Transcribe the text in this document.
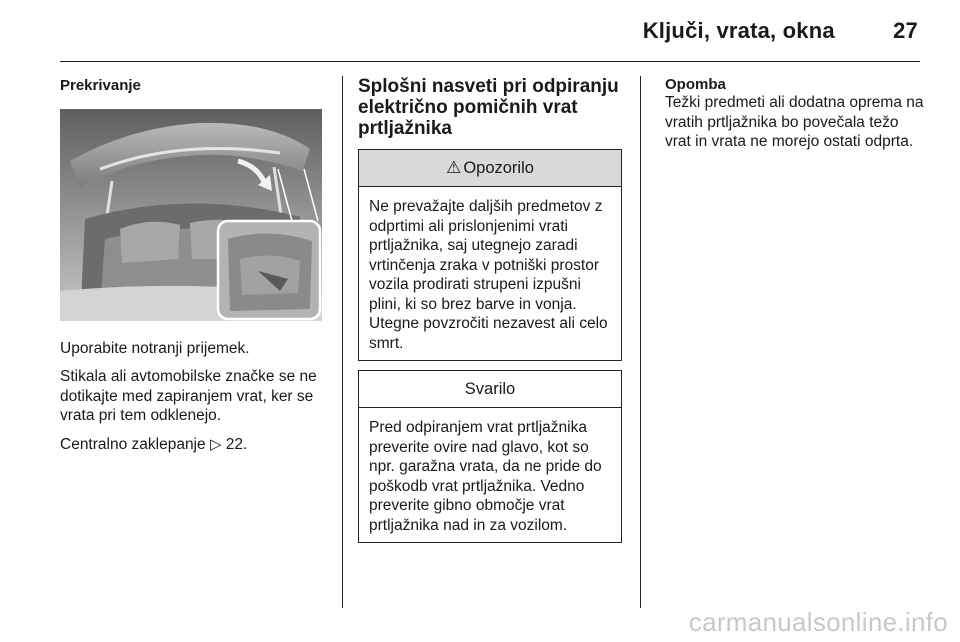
Ključi, vrata, okna	27
Prekrivanje

Uporabite notranji prijemek.

Stikala ali avtomobilske značke se ne dotikajte med zapiranjem vrat, ker se vrata pri tem odklenejo.

Centralno zaklepanje ▷ 22.

Splošni nasveti pri odpiranju električno pomičnih vrat prtljažnika
⚠ Opozorilo
Ne prevažajte daljših predmetov z odprtimi ali prislonjenimi vrati prtljažnika, saj utegnejo zaradi vrtinčenja zraka v potniški prostor vozila prodirati strupeni izpušni plini, ki so brez barve in vonja. Utegne povzročiti nezavest ali celo smrt.
Svarilo
Pred odpiranjem vrat prtljažnika preverite ovire nad glavo, kot so npr. garažna vrata, da ne pride do poškodb vrat prtljažnika. Vedno preverite gibno območje vrat prtljažnika nad in za vozilom.
Opomba
Težki predmeti ali dodatna oprema na vratih prtljažnika bo povečala težo vrat in vrata ne morejo ostati odprta.
carmanualsonline.info
